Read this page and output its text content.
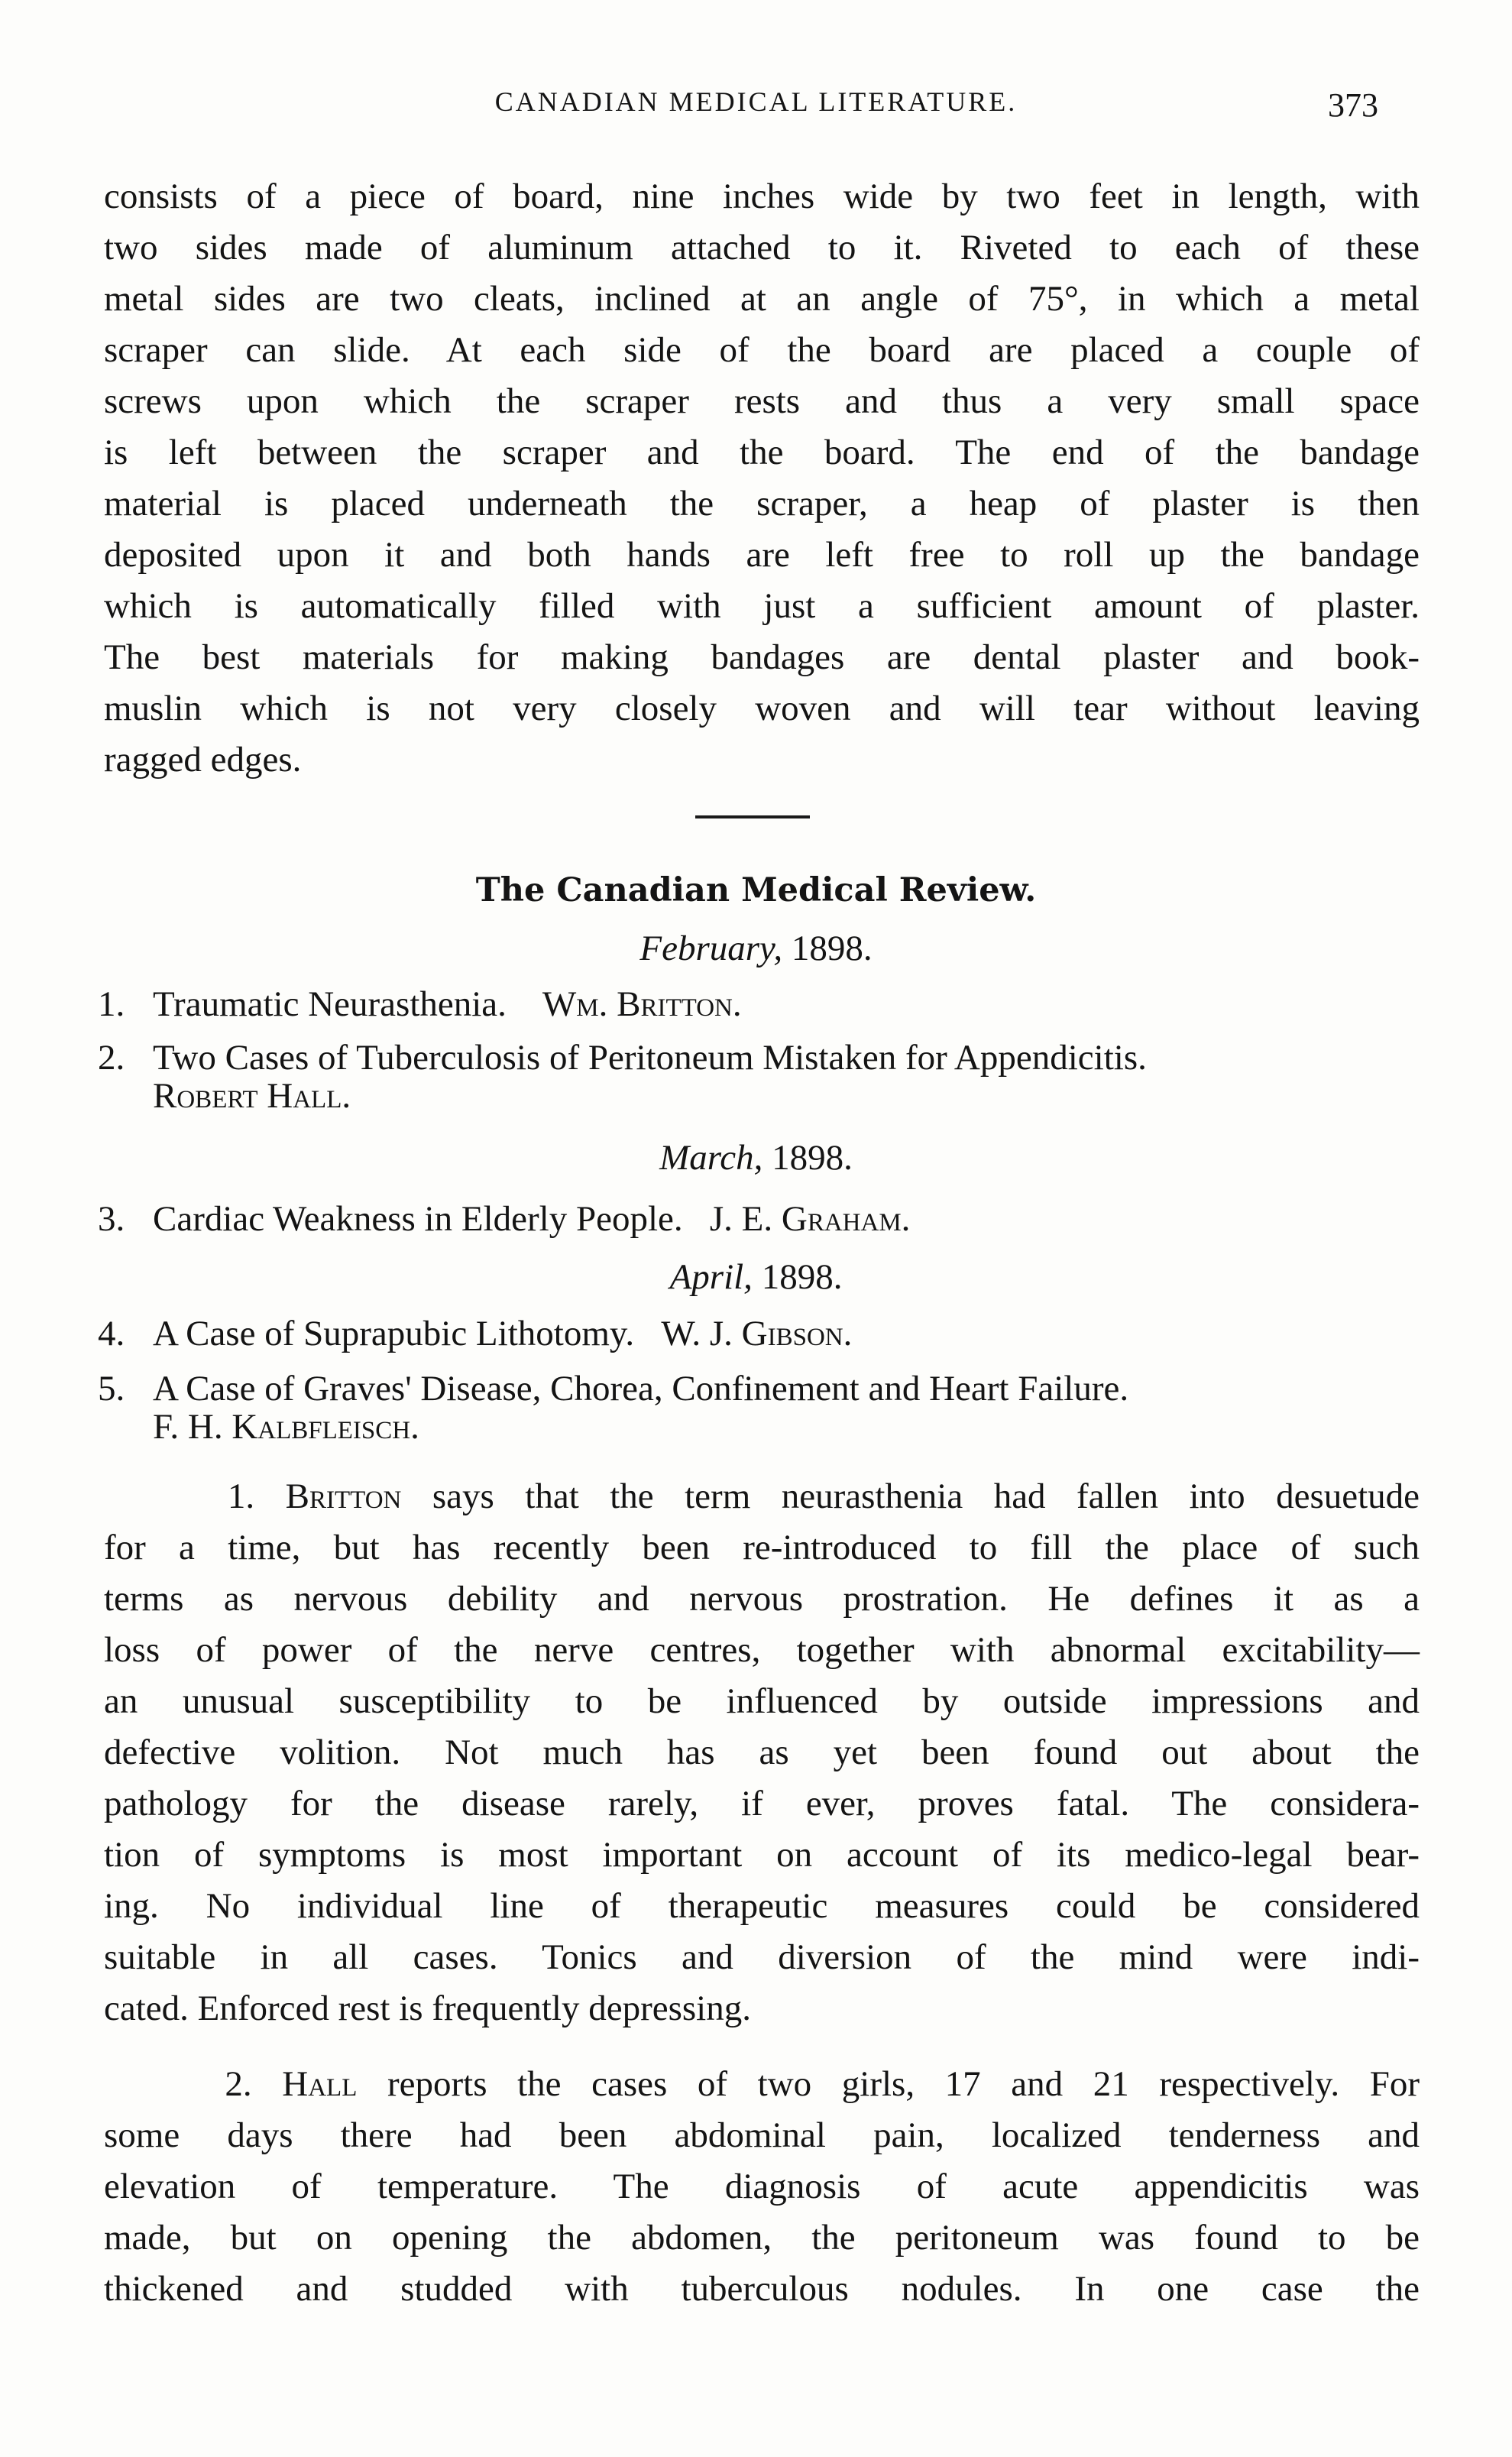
CANADIAN MEDICAL LITERATURE.	373
consists of a piece of board, nine inches wide by two feet in length, with
two sides made of aluminum attached to it. Riveted to each of these
metal sides are two cleats, inclined at an angle of 75°, in which a metal
scraper can slide. At each side of the board are placed a couple of
screws upon which the scraper rests and thus a very small space
is left between the scraper and the board. The end of the bandage
material is placed underneath the scraper, a heap of plaster is then
deposited upon it and both hands are left free to roll up the bandage
which is automatically filled with just a sufficient amount of plaster.
The best materials for making bandages are dental plaster and book-
muslin which is not very closely woven and will tear without leaving
ragged edges.
The Canadian Medical Review.
February, 1898.
1. Traumatic Neurasthenia. Wm. Britton.
2. Two Cases of Tuberculosis of Peritoneum Mistaken for Appendicitis.
Robert Hall.
March, 1898.
3. Cardiac Weakness in Elderly People. J. E. Graham.
April, 1898.
4. A Case of Suprapubic Lithotomy. W. J. Gibson.
5. A Case of Graves' Disease, Chorea, Confinement and Heart Failure.
F. H. Kalbfleisch.
1. Britton says that the term neurasthenia had fallen into desuetude
for a time, but has recently been re-introduced to fill the place of such
terms as nervous debility and nervous prostration. He defines it as a
loss of power of the nerve centres, together with abnormal excitability—
an unusual susceptibility to be influenced by outside impressions and
defective volition. Not much has as yet been found out about the
pathology for the disease rarely, if ever, proves fatal. The considera-
tion of symptoms is most important on account of its medico-legal bear-
ing. No individual line of therapeutic measures could be considered
suitable in all cases. Tonics and diversion of the mind were indi-
cated. Enforced rest is frequently depressing.
2. Hall reports the cases of two girls, 17 and 21 respectively. For
some days there had been abdominal pain, localized tenderness and
elevation of temperature. The diagnosis of acute appendicitis was
made, but on opening the abdomen, the peritoneum was found to be
thickened and studded with tuberculous nodules. In one case the
